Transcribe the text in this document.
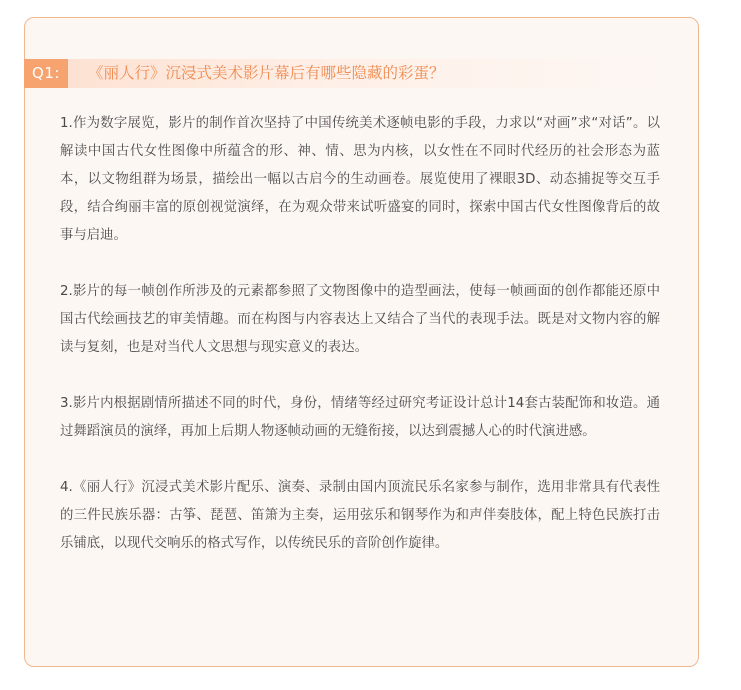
Q1:	《丽人行》沉浸式美术影片幕后有哪些隐藏的彩蛋？

1.作为数字展览，影片的制作首次坚持了中国传统美术逐帧电影的手段，力求以“对画”求“对话”。以解读中国古代女性图像中所蕴含的形、神、情、思为内核，以女性在不同时代经历的社会形态为蓝本，以文物组群为场景，描绘出一幅以古启今的生动画卷。展览使用了裸眼3D、动态捕捉等交互手段，结合绚丽丰富的原创视觉演绎，在为观众带来试听盛宴的同时，探索中国古代女性图像背后的故事与启迪。

2.影片的每一帧创作所涉及的元素都参照了文物图像中的造型画法，使每一帧画面的创作都能还原中国古代绘画技艺的审美情趣。而在构图与内容表达上又结合了当代的表现手法。既是对文物内容的解读与复刻，也是对当代人文思想与现实意义的表达。

3.影片内根据剧情所描述不同的时代，身份，情绪等经过研究考证设计总计14套古装配饰和妆造。通过舞蹈演员的演绎，再加上后期人物逐帧动画的无缝衔接，以达到震撼人心的时代演进感。

4.《丽人行》沉浸式美术影片配乐、演奏、录制由国内顶流民乐名家参与制作，选用非常具有代表性的三件民族乐器：古筝、琵琶、笛箫为主奏，运用弦乐和钢琴作为和声伴奏肢体，配上特色民族打击乐铺底，以现代交响乐的格式写作，以传统民乐的音阶创作旋律。
